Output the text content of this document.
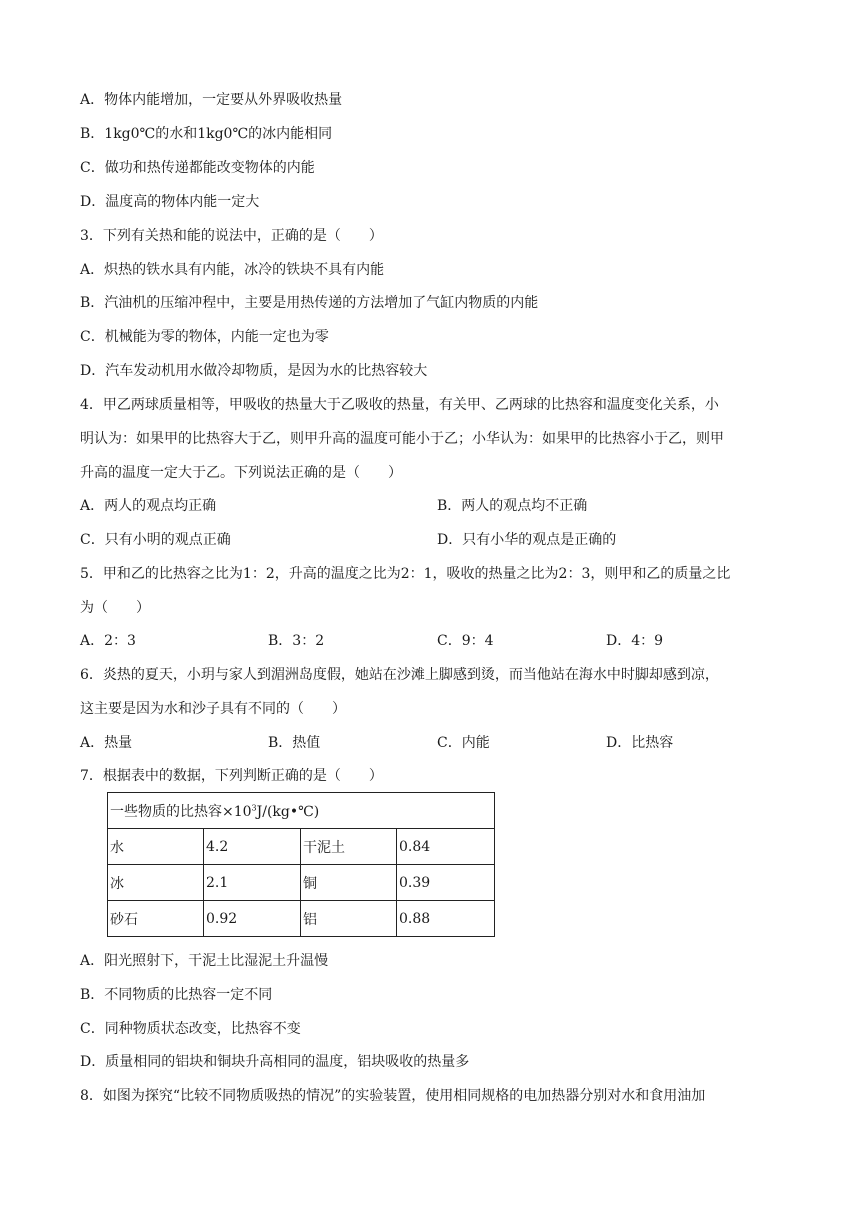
A．物体内能增加，一定要从外界吸收热量
B．1kg0℃的水和1kg0℃的冰内能相同
C．做功和热传递都能改变物体的内能
D．温度高的物体内能一定大
3．下列有关热和能的说法中，正确的是（　　）
A．炽热的铁水具有内能，冰冷的铁块不具有内能
B．汽油机的压缩冲程中，主要是用热传递的方法增加了气缸内物质的内能
C．机械能为零的物体，内能一定也为零
D．汽车发动机用水做冷却物质，是因为水的比热容较大
4．甲乙两球质量相等，甲吸收的热量大于乙吸收的热量，有关甲、乙两球的比热容和温度变化关系，小
明认为：如果甲的比热容大于乙，则甲升高的温度可能小于乙；小华认为：如果甲的比热容小于乙，则甲
升高的温度一定大于乙。下列说法正确的是（　　）
A．两人的观点均正确	B．两人的观点均不正确
C．只有小明的观点正确	D．只有小华的观点是正确的
5．甲和乙的比热容之比为1：2，升高的温度之比为2：1，吸收的热量之比为2：3，则甲和乙的质量之比
为（　　）
A．2：3	B．3：2	C．9：4	D．4：9
6．炎热的夏天，小玥与家人到湄洲岛度假，她站在沙滩上脚感到烫，而当他站在海水中时脚却感到凉，
这主要是因为水和沙子具有不同的（　　）
A．热量	B．热值	C．内能	D．比热容
7．根据表中的数据，下列判断正确的是（　　）
一些物质的比热容$\times 10^3J/(kg•℃)$			
水	4.2	干泥土	0.84
冰	2.1	铜	0.39
砂石	0.92	铝	0.88
A．阳光照射下，干泥土比湿泥土升温慢
B．不同物质的比热容一定不同
C．同种物质状态改变，比热容不变
D．质量相同的铝块和铜块升高相同的温度，铝块吸收的热量多
8．如图为探究“比较不同物质吸热的情况”的实验装置，使用相同规格的电加热器分别对水和食用油加
